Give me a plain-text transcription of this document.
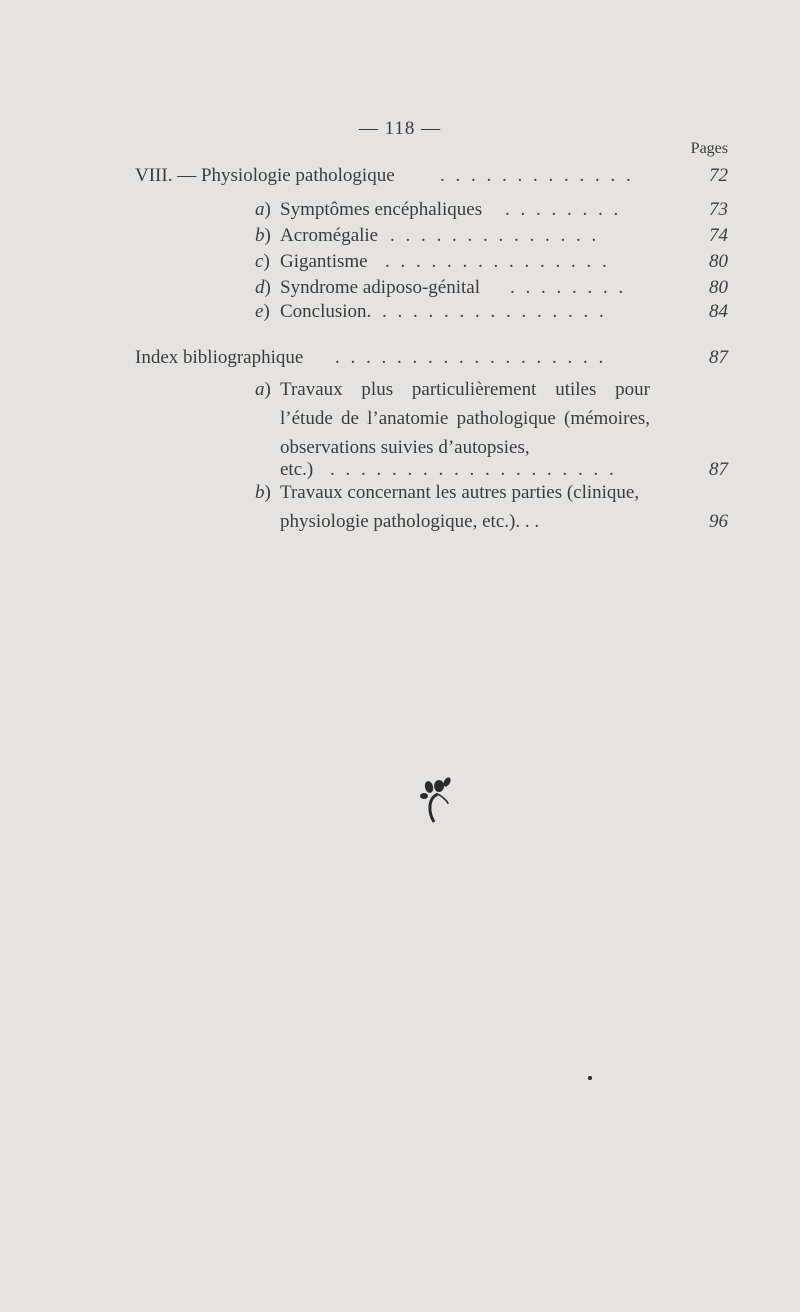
— 118 —
Pages
VIII. — Physiologie pathologique . . . . . . . . . . . . .	72
a) Symptômes encéphaliques . . . . . . . .	73
b) Acromégalie . . . . . . . . . . . . . .	74
c) Gigantisme . . . . . . . . . . . . . . .	80
d) Syndrome adiposo-génital . . . . . . . .	80
e) Conclusion. . . . . . . . . . . . . . . .	84
Index bibliographique . . . . . . . . . . . . . . . . . .	87
a) Travaux plus particulièrement utiles pour l’étude de l’anatomie pathologique (mémoires, observations suivies d’autopsies,
etc.) . . . . . . . . . . . . . . . . . . .	87
b) Travaux concernant les autres parties (clinique, physiologie pathologique, etc.). . .	96
